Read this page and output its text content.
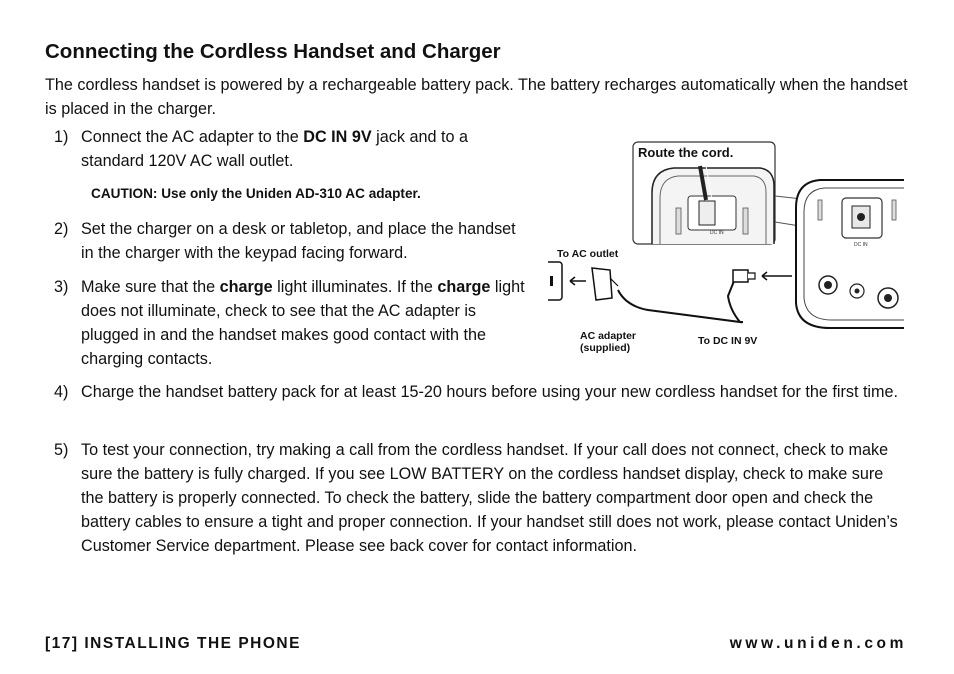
Connecting the Cordless Handset and Charger

The cordless handset is powered by a rechargeable battery pack. The battery recharges automatically when the handset is placed in the charger.

1) Connect the AC adapter to the DC IN 9V jack and to a standard 120V AC wall outlet.
CAUTION: Use only the Uniden AD-310 AC adapter.
2) Set the charger on a desk or tabletop, and place the handset in the charger with the keypad facing forward.
3) Make sure that the charge light illuminates. If the charge light does not illuminate, check to see that the AC adapter is plugged in and the handset makes good contact with the charging contacts.
4) Charge the handset battery pack for at least 15-20 hours before using your new cordless handset for the first time.
5) To test your connection, try making a call from the cordless handset. If your call does not connect, check to make sure the battery is fully charged. If you see LOW BATTERY on the cordless handset display, check to make sure the battery is properly connected. To check the battery, slide the battery compartment door open and check the battery cables to ensure a tight and proper connection. If your handset still does not work, please contact Uniden’s Customer Service department. Please see back cover for contact information.
Route the cord.
DC IN
DC IN
To AC outlet
AC adapter
(supplied)
To DC IN 9V
[17] INSTALLING THE PHONE	www.uniden.com
